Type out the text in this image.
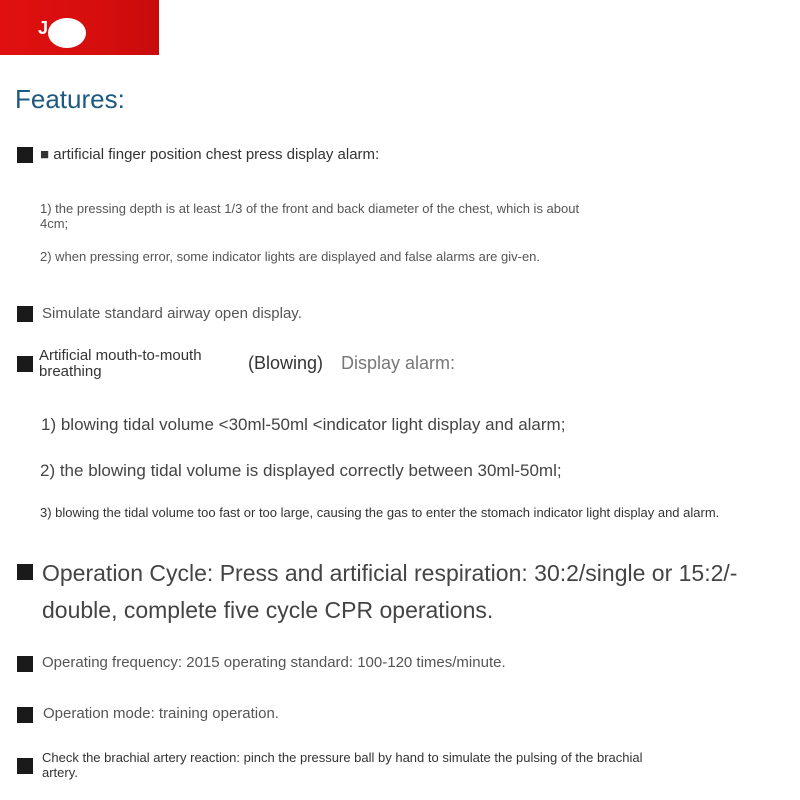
J
Features:
■ artificial finger position chest press display alarm:
1) the pressing depth is at least 1/3 of the front and back diameter of the chest, which is about 4cm;
2) when pressing error, some indicator lights are displayed and false alarms are giv-en.
Simulate standard airway open display.
Artificial mouth-to-mouth breathing	(Blowing) Display alarm:
1) blowing tidal volume <30ml-50ml <indicator light display and alarm;
2) the blowing tidal volume is displayed correctly between 30ml-50ml;
3) blowing the tidal volume too fast or too large, causing the gas to enter the stomach indicator light display and alarm.
Operation Cycle: Press and artificial respiration: 30:2/single or 15:2/-double, complete five cycle CPR operations.
Operating frequency: 2015 operating standard: 100-120 times/minute.
Operation mode: training operation.
Check the brachial artery reaction: pinch the pressure ball by hand to simulate the pulsing of the brachial artery.
